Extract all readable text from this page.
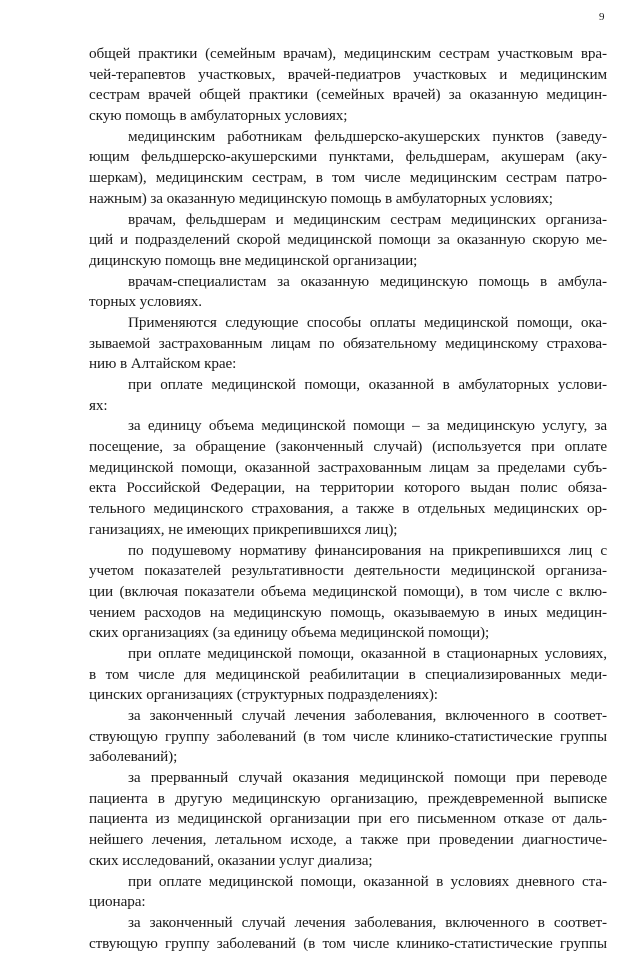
9
общей практики (семейным врачам), медицинским сестрам участковым вра-
чей-терапевтов участковых, врачей-педиатров участковых и медицинским
сестрам врачей общей практики (семейных врачей) за оказанную медицин-
скую помощь в амбулаторных условиях;
медицинским работникам фельдшерско-акушерских пунктов (заведу-
ющим фельдшерско-акушерскими пунктами, фельдшерам, акушерам (аку-
шеркам), медицинским сестрам, в том числе медицинским сестрам патро-
нажным) за оказанную медицинскую помощь в амбулаторных условиях;
врачам, фельдшерам и медицинским сестрам медицинских организа-
ций и подразделений скорой медицинской помощи за оказанную скорую ме-
дицинскую помощь вне медицинской организации;
врачам-специалистам за оказанную медицинскую помощь в амбула-
торных условиях.
Применяются следующие способы оплаты медицинской помощи, ока-
зываемой застрахованным лицам по обязательному медицинскому страхова-
нию в Алтайском крае:
при оплате медицинской помощи, оказанной в амбулаторных услови-
ях:
за единицу объема медицинской помощи – за медицинскую услугу, за
посещение, за обращение (законченный случай) (используется при оплате
медицинской помощи, оказанной застрахованным лицам за пределами субъ-
екта Российской Федерации, на территории которого выдан полис обяза-
тельного медицинского страхования, а также в отдельных медицинских ор-
ганизациях, не имеющих прикрепившихся лиц);
по подушевому нормативу финансирования на прикрепившихся лиц с
учетом показателей результативности деятельности медицинской организа-
ции (включая показатели объема медицинской помощи), в том числе с вклю-
чением расходов на медицинскую помощь, оказываемую в иных медицин-
ских организациях (за единицу объема медицинской помощи);
при оплате медицинской помощи, оказанной в стационарных условиях,
в том числе для медицинской реабилитации в специализированных меди-
цинских организациях (структурных подразделениях):
за законченный случай лечения заболевания, включенного в соответ-
ствующую группу заболеваний (в том числе клинико-статистические группы
заболеваний);
за прерванный случай оказания медицинской помощи при переводе
пациента в другую медицинскую организацию, преждевременной выписке
пациента из медицинской организации при его письменном отказе от даль-
нейшего лечения, летальном исходе, а также при проведении диагностиче-
ских исследований, оказании услуг диализа;
при оплате медицинской помощи, оказанной в условиях дневного ста-
ционара:
за законченный случай лечения заболевания, включенного в соответ-
ствующую группу заболеваний (в том числе клинико-статистические группы
